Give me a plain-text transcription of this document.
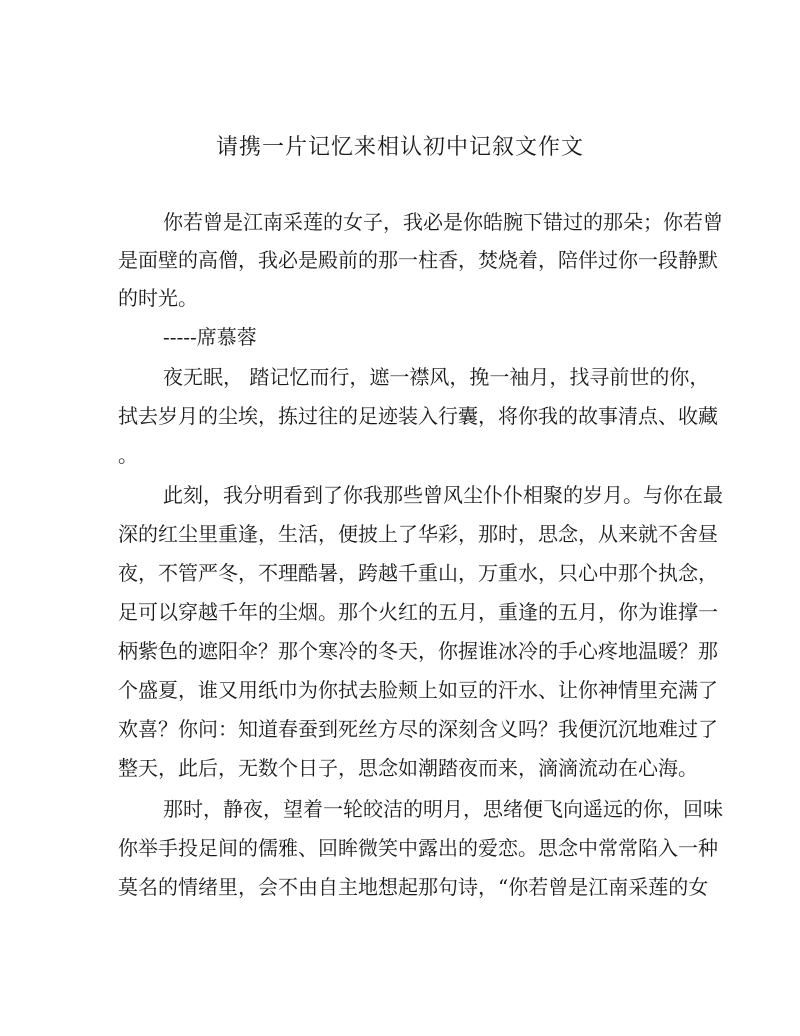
请携一片记忆来相认初中记叙文作文
你若曾是江南采莲的女子，我必是你皓腕下错过的那朵；你若曾
是面壁的高僧，我必是殿前的那一柱香，焚烧着，陪伴过你一段静默
的时光。
-----席慕蓉
夜无眠， 踏记忆而行，遮一襟风，挽一袖月，找寻前世的你，
拭去岁月的尘埃，拣过往的足迹装入行囊，将你我的故事清点、收藏
。
此刻，我分明看到了你我那些曾风尘仆仆相聚的岁月。与你在最
深的红尘里重逢，生活，便披上了华彩，那时，思念，从来就不舍昼
夜，不管严冬，不理酷暑，跨越千重山，万重水，只心中那个执念，
足可以穿越千年的尘烟。那个火红的五月，重逢的五月，你为谁撑一
柄紫色的遮阳伞？那个寒冷的冬天，你握谁冰冷的手心疼地温暖？那
个盛夏，谁又用纸巾为你拭去脸颊上如豆的汗水、让你神情里充满了
欢喜？你问：知道春蚕到死丝方尽的深刻含义吗？我便沉沉地难过了
整天，此后，无数个日子，思念如潮踏夜而来，滴滴流动在心海。
那时，静夜，望着一轮皎洁的明月，思绪便飞向遥远的你，回味
你举手投足间的儒雅、回眸微笑中露出的爱恋。思念中常常陷入一种
莫名的情绪里，会不由自主地想起那句诗，“你若曾是江南采莲的女
